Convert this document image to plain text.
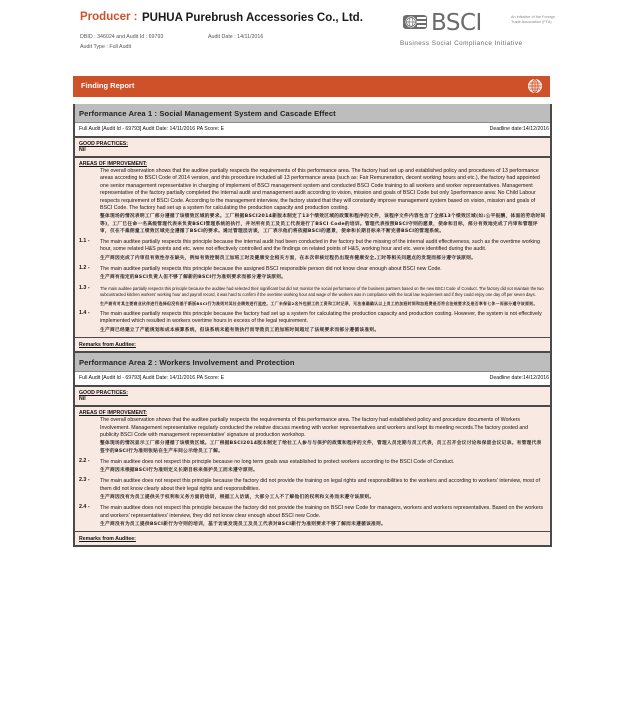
Producer : PUHUA Purebrush Accessories Co., Ltd.
DBID : 346024 and Audit Id : 69793	Audit Date : 14/11/2016
Audit Type : Full Audit
BSCI	An initiative of the Foreign Trade Association (FTA)
Business Social Compliance Initiative
Finding Report
Performance Area 1 : Social Management System and Cascade Effect
Full Audit [Audit Id - 69793] Audit Date: 14/11/2016 PA Score: E	Deadline date:14/12/2016
GOOD PRACTICES:
Nil
AREAS OF IMPROVEMENT:
The overall observation shows that the auditee partially respects the requirements of this performance area. The factory had set up and established policy and procedures of 13 performance areas according to BSCI Code of 2014 version, and this procedure included all 13 performance areas (such as: Fair Remuneration, decent working hours and etc.), the factory had appointed one senior management representative in charging of implement of BSCI management system and conducted BSCI Code training to all workers and worker representatives. Management representative of the factory partially completed the internal audit and management audit according to vision, mission and goals of BSCI Code but only 1performance area: No Child Labour respects requirement of BSCI Code. According to the management interview, the factory stated that they will constantly improve management system based on vision, mission and goals of BSCI Code. The factory had set up a system for calculating the production capacity and production costing.
整体现场的情况表明工厂部分遵循了该绩效区域的要求。工厂根据BSCI2014新版本制定了13个绩效区域的政策和程序的文件，该程序文件内容包含了全部13个绩效区域(如:公平报酬，体面的劳动时间等)，工厂已任命一名高级管理代表来负责BSCI管理系统的执行，并对所有员工及员工代表进行了BSCI Code的培训。管理代表按照BSCI守则的愿景，使命和目标，部分有效地完成了内审和管理评审，仅在不雇佣童工绩效区域完全遵循了BSCI的要求。通过管理层访谈，工厂表示他们将依据BSCI的愿景，使命和长期目标来不断完善BSCI的管理系统。
1.1 -	The main auditee partially respects this principle because the internal audit had been conducted in the factory but the missing of the internal audit effectiveness, such as the overtime working hour, some related H&S points and etc. were not effectively controlled and the findings on related points of H&S, working hour and etc. were identified during the audit.
生产商因完成了内审但有效性存在缺失，例如有效控制员工加班工时及健康安全相关方面，在本次审核过程仍出现有健康安全,工时等相关问题点的发现而部分遵守该原则。
1.2 -	The main auditee partially respects this principle because the assigned BSCI responsible person did not know clear enough about BSCI new Code.
生产商有指定的BSCI负责人但不够了解新的BSCI行为准则要求而部分遵守该原则。
1.3 -	The main auditee partially respects this principle because the auditee had selected their significant but did not monitor the social performance of the business partners based on the new BSCI Code of Conduct. The factory did not maintain the two subcontracted kitchen workers' working hour and payroll record, it was hard to confirm if the overtime working hour and wage of the workers was in compliance with the local law requirement and if they could enjoy one day off per seven days.
生产商有对其主要商业伙伴进行选择但没有基于新版BSCI行为准则对其社会绩效进行监控。工厂未保留2名外包厨工的工资和工时记录，无法准确确认以上员工的加班时间和加班费是否符合法规要求及是否享有七休一而部分遵守该原则。
1.4 -	The main auditee partially respects this principle because the factory had set up a system for calculating the production capacity and production costing. However, the system is not effectively implemented which resulted in workers overtime hours in excess of the legal requirement.
生产商已经建立了产能规划和成本核算系统，但该系统未能有效执行而导致员工的加班时间超过了法规要求而部分遵循该准则。
Remarks from Auditee:
Performance Area 2 : Workers Involvement and Protection
Full Audit [Audit Id - 69793] Audit Date: 14/11/2016 PA Score: E	Deadline date:14/12/2016
GOOD PRACTICES:
Nil
AREAS OF IMPROVEMENT:
The overall observation shows that the auditee partially respects the requirements of this performance area. The factory had established policy and procedure documents of Workers Involvement. Management representative regularly conducted the relative discuss meeting with worker representatives and workers and kept its meeting records.The factory posted and publicity BSCI Code with management representative' signature at production workshop.
整体现场的情况显示工厂部分遵循了该绩效区域。工厂根据BSCI2014版本制定了给社工人参与与保护的政策和程序的文件，管理人员定期与员工代表，员工召开会议讨论和保留会议记录。有管理代表签字的BSCI行为准则张贴在生产车间公示给员工了解。
2.2 -	The main auditee does not respect this principle because no long term goals was established to protect workers according to the BSCI Code of Conduct.
生产商因未根据BSCI行为准则定义长期目标来保护员工而未遵守原则。
2.3 -	The main auditee does not respect this principle because the factory did not provide the training on legal rights and responsibilities to the workers and according to workers' interview, most of them did not know clearly about their legal rights and responsibilities.
生产商因没有为员工提供关于权利和义务方面的培训，根据工人访谈，大部分工人不了解他们的权利和义务而未遵守该原则。
2.4 -	The main auditee does not respect this principle because the factory did not provide the training on BSCI new Code for managers, workers and workers representatives. Based on the workers and workers' representatives' interview, they did not know clear enough about BSCI new Code.
生产商没有为员工提供BSCI新行为守则的培训，基于访谈发现员工及员工代表对BSCI新行为准则要求不够了解而未遵循该准则。
Remarks from Auditee:
